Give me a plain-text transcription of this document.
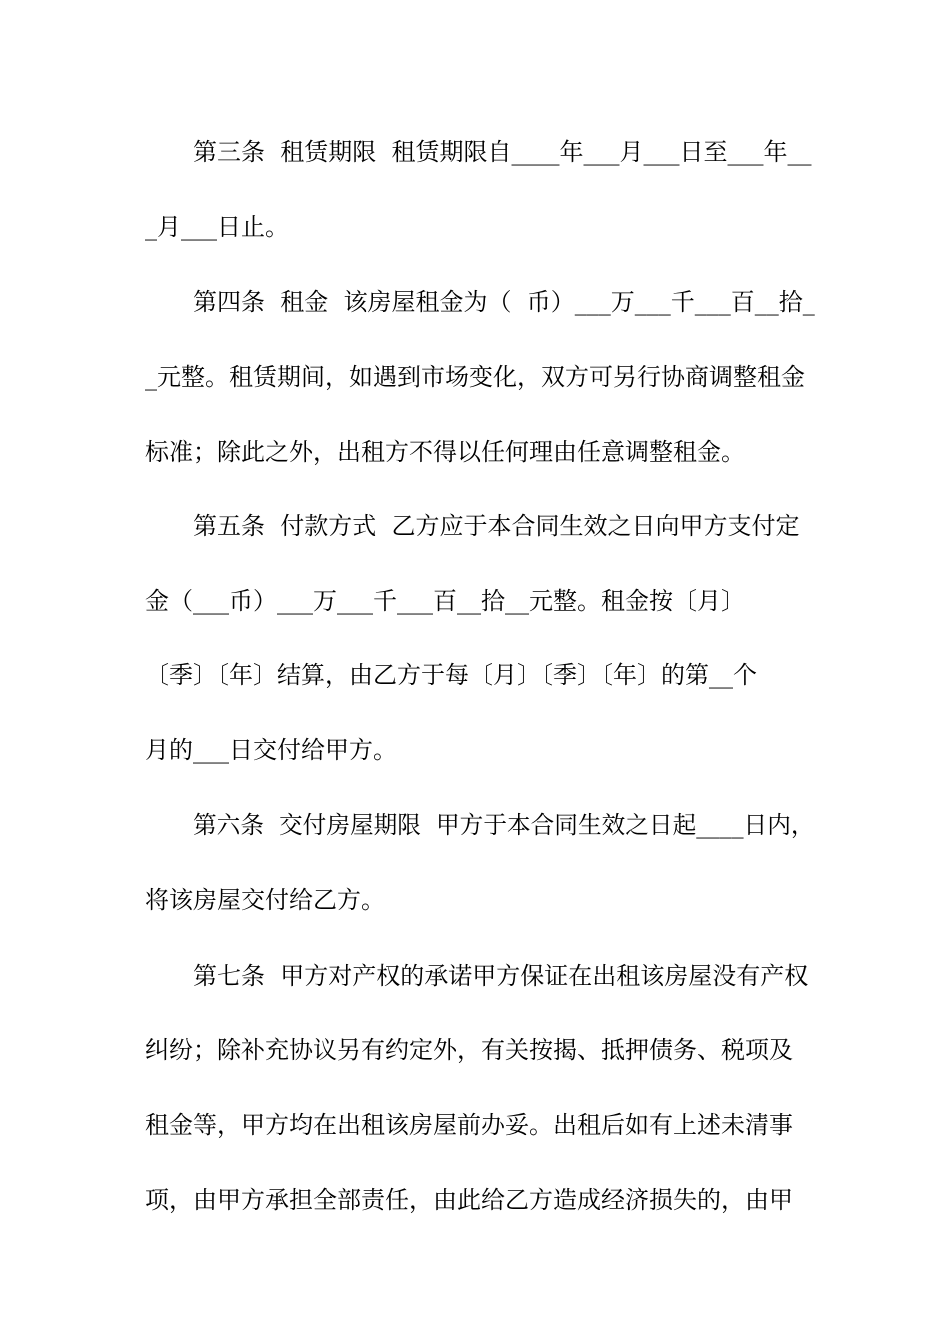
第三条  租赁期限  租赁期限自____年___月___日至___年__
_月___日止。
第四条  租金  该房屋租金为（  币）___万___千___百__拾_
_元整。租赁期间，如遇到市场变化，双方可另行协商调整租金
标准；除此之外，出租方不得以任何理由任意调整租金。
第五条  付款方式  乙方应于本合同生效之日向甲方支付定
金（___币）___万___千___百__拾__元整。租金按〔月〕
〔季〕〔年〕结算，由乙方于每〔月〕〔季〕〔年〕的第__个
月的___日交付给甲方。
第六条  交付房屋期限  甲方于本合同生效之日起____日内，
将该房屋交付给乙方。
第七条  甲方对产权的承诺甲方保证在出租该房屋没有产权
纠纷；除补充协议另有约定外，有关按揭、抵押债务、税项及
租金等，甲方均在出租该房屋前办妥。出租后如有上述未清事
项，由甲方承担全部责任，由此给乙方造成经济损失的，由甲
